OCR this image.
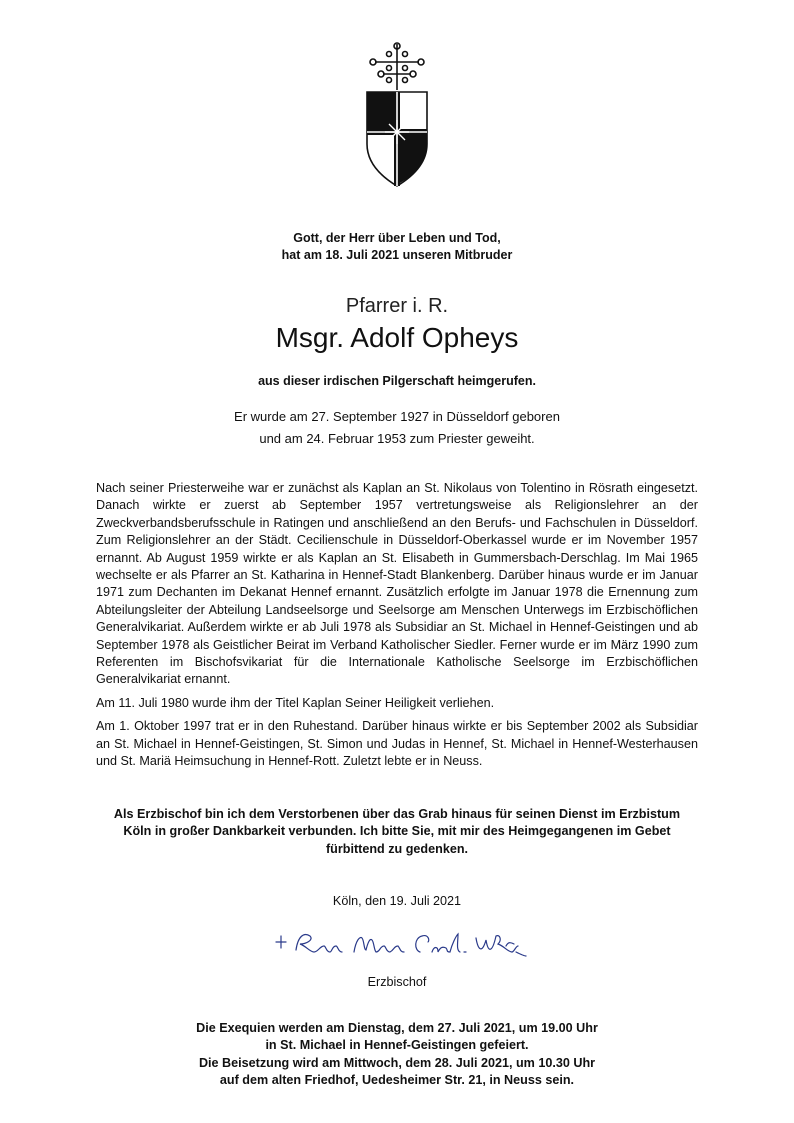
Gott, der Herr über Leben und Tod,
hat am 18. Juli 2021 unseren Mitbruder
Pfarrer i. R.
Msgr. Adolf Opheys
aus dieser irdischen Pilgerschaft heimgerufen.
Er wurde am 27. September 1927 in Düsseldorf geboren
und am 24. Februar 1953 zum Priester geweiht.

Nach seiner Priesterweihe war er zunächst als Kaplan an St. Nikolaus von Tolentino in Rösrath eingesetzt. Danach wirkte er zuerst ab September 1957 vertretungsweise als Religionslehrer an der Zweckverbandsberufsschule in Ratingen und anschließend an den Berufs- und Fachschulen in Düsseldorf. Zum Religionslehrer an der Städt. Cecilienschule in Düsseldorf-Oberkassel wurde er im November 1957 ernannt. Ab August 1959 wirkte er als Kaplan an St. Elisabeth in Gummersbach-Derschlag. Im Mai 1965 wechselte er als Pfarrer an St. Katharina in Hennef-Stadt Blankenberg. Darüber hinaus wurde er im Januar 1971 zum Dechanten im Dekanat Hennef ernannt. Zusätzlich erfolgte im Januar 1978 die Ernennung zum Abteilungsleiter der Abteilung Landseelsorge und Seelsorge am Menschen Unterwegs im Erzbischöflichen Generalvikariat. Außerdem wirkte er ab Juli 1978 als Subsidiar an St. Michael in Hennef-Geistingen und ab September 1978 als Geistlicher Beirat im Verband Katholischer Siedler. Ferner wurde er im März 1990 zum Referenten im Bischofsvikariat für die Internationale Katholische Seelsorge im Erzbischöflichen Generalvikariat ernannt.

Am 11. Juli 1980 wurde ihm der Titel Kaplan Seiner Heiligkeit verliehen.

Am 1. Oktober 1997 trat er in den Ruhestand. Darüber hinaus wirkte er bis September 2002 als Subsidiar an St. Michael in Hennef-Geistingen, St. Simon und Judas in Hennef, St. Michael in Hennef-Westerhausen und St. Mariä Heimsuchung in Hennef-Rott. Zuletzt lebte er in Neuss.

Als Erzbischof bin ich dem Verstorbenen über das Grab hinaus für seinen Dienst im Erzbistum Köln in großer Dankbarkeit verbunden. Ich bitte Sie, mit mir des Heimgegangenen im Gebet fürbittend zu gedenken.
Köln, den 19. Juli 2021
Erzbischof
Die Exequien werden am Dienstag, dem 27. Juli 2021, um 19.00 Uhr
in St. Michael in Hennef-Geistingen gefeiert.
Die Beisetzung wird am Mittwoch, dem 28. Juli 2021, um 10.30 Uhr
auf dem alten Friedhof, Uedesheimer Str. 21, in Neuss sein.
